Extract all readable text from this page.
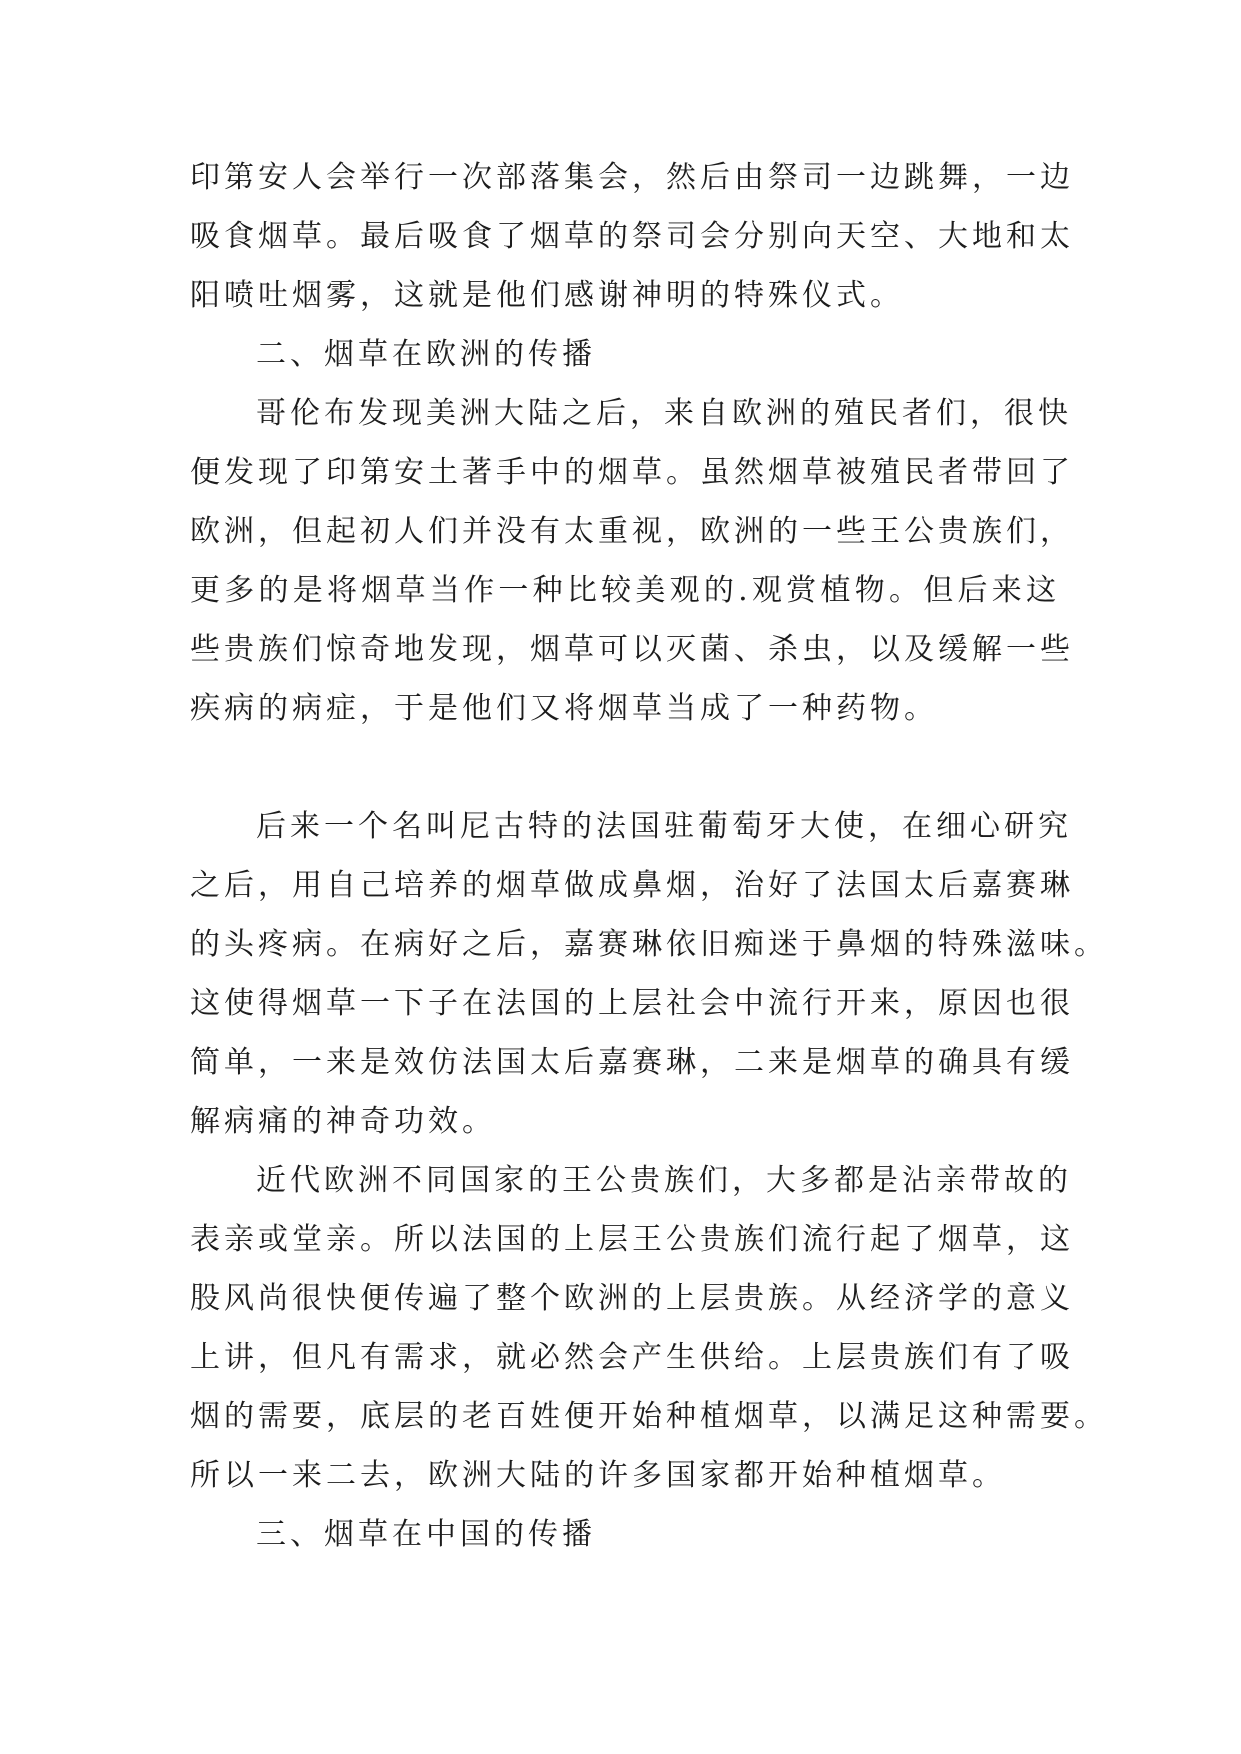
印第安人会举行一次部落集会，然后由祭司一边跳舞，一边
吸食烟草。最后吸食了烟草的祭司会分别向天空、大地和太
阳喷吐烟雾，这就是他们感谢神明的特殊仪式。
二、烟草在欧洲的传播
哥伦布发现美洲大陆之后，来自欧洲的殖民者们，很快
便发现了印第安土著手中的烟草。虽然烟草被殖民者带回了
欧洲，但起初人们并没有太重视，欧洲的一些王公贵族们，
更多的是将烟草当作一种比较美观的.观赏植物。但后来这
些贵族们惊奇地发现，烟草可以灭菌、杀虫，以及缓解一些
疾病的病症，于是他们又将烟草当成了一种药物。
后来一个名叫尼古特的法国驻葡萄牙大使，在细心研究
之后，用自己培养的烟草做成鼻烟，治好了法国太后嘉赛琳
的头疼病。在病好之后，嘉赛琳依旧痴迷于鼻烟的特殊滋味。
这使得烟草一下子在法国的上层社会中流行开来，原因也很
简单，一来是效仿法国太后嘉赛琳，二来是烟草的确具有缓
解病痛的神奇功效。
近代欧洲不同国家的王公贵族们，大多都是沾亲带故的
表亲或堂亲。所以法国的上层王公贵族们流行起了烟草，这
股风尚很快便传遍了整个欧洲的上层贵族。从经济学的意义
上讲，但凡有需求，就必然会产生供给。上层贵族们有了吸
烟的需要，底层的老百姓便开始种植烟草，以满足这种需要。
所以一来二去，欧洲大陆的许多国家都开始种植烟草。
三、烟草在中国的传播
